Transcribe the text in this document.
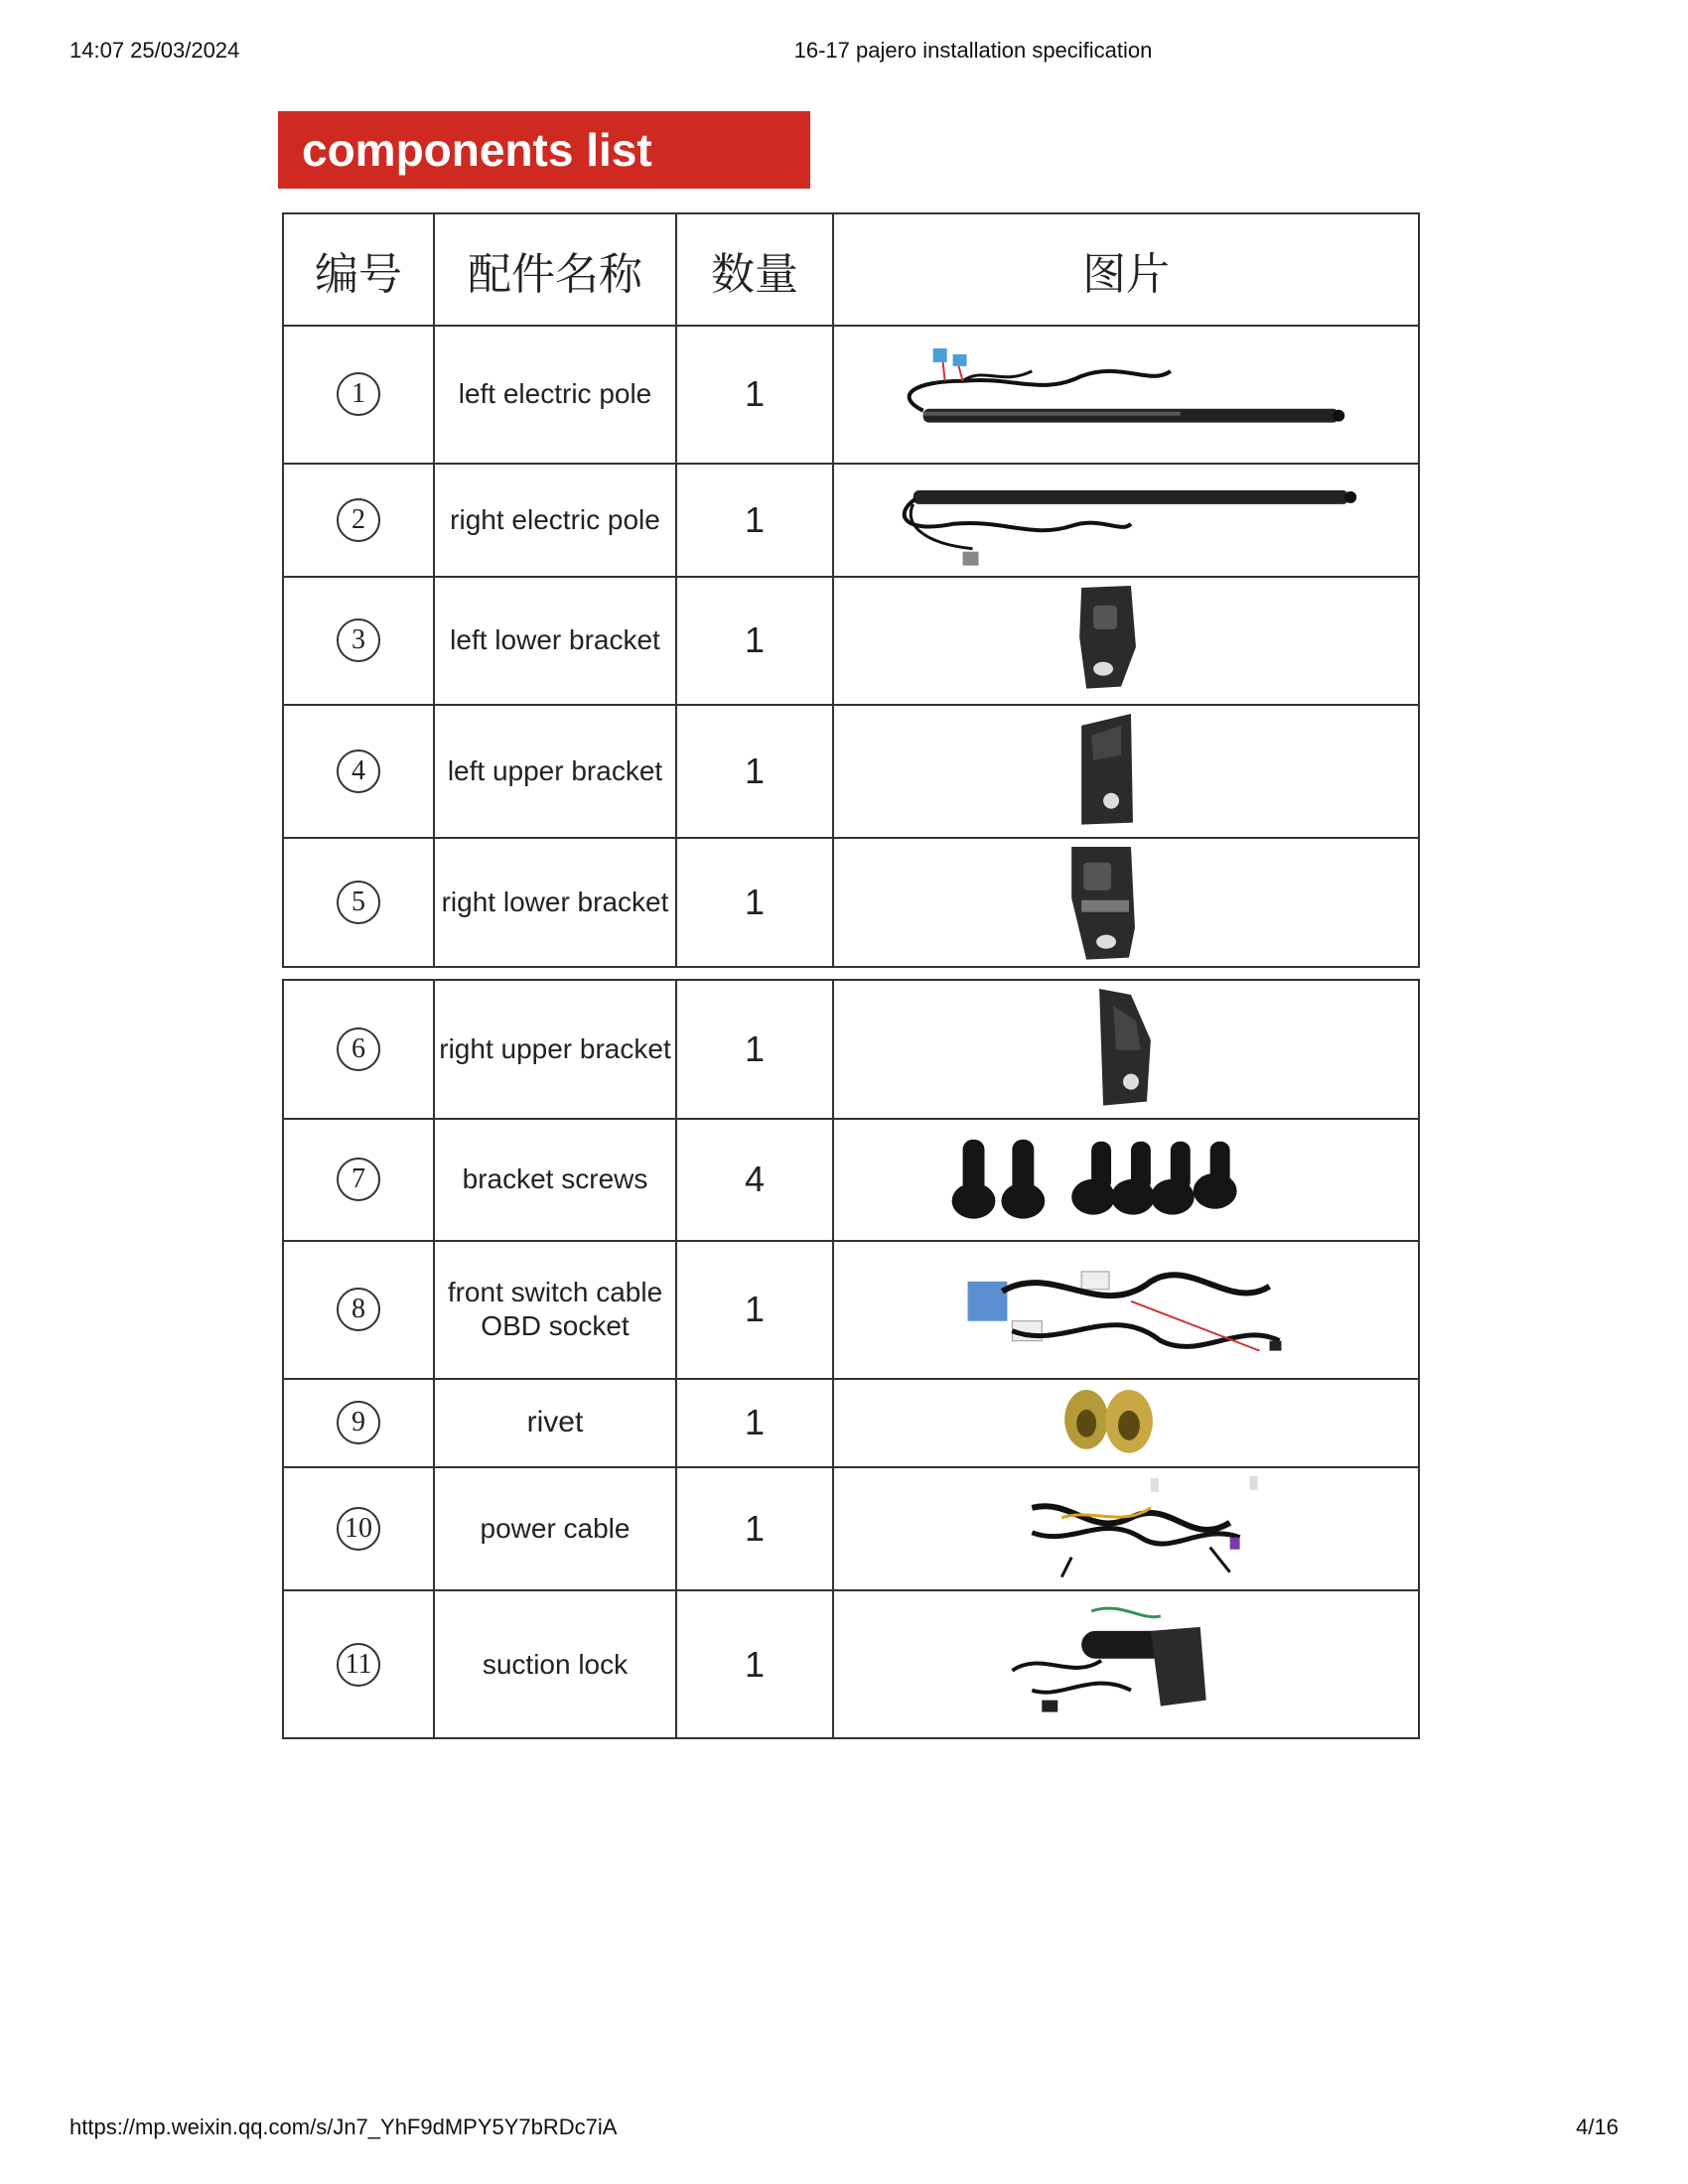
14:07 25/03/2024	16-17 pajero installation specification
components list
编号	配件名称	数量	图片
1	left electric pole	1	

2	right electric pole	1	

3	left lower bracket	1	

4	left upper bracket	1	

5	right lower bracket	1	
6	right upper bracket	1	

7	bracket screws	4	

8	front switch cable
OBD socket	1	

9	rivet	1	

10	power cable	1	

11	suction lock	1	
https://mp.weixin.qq.com/s/Jn7_YhF9dMPY5Y7bRDc7iA	4/16
